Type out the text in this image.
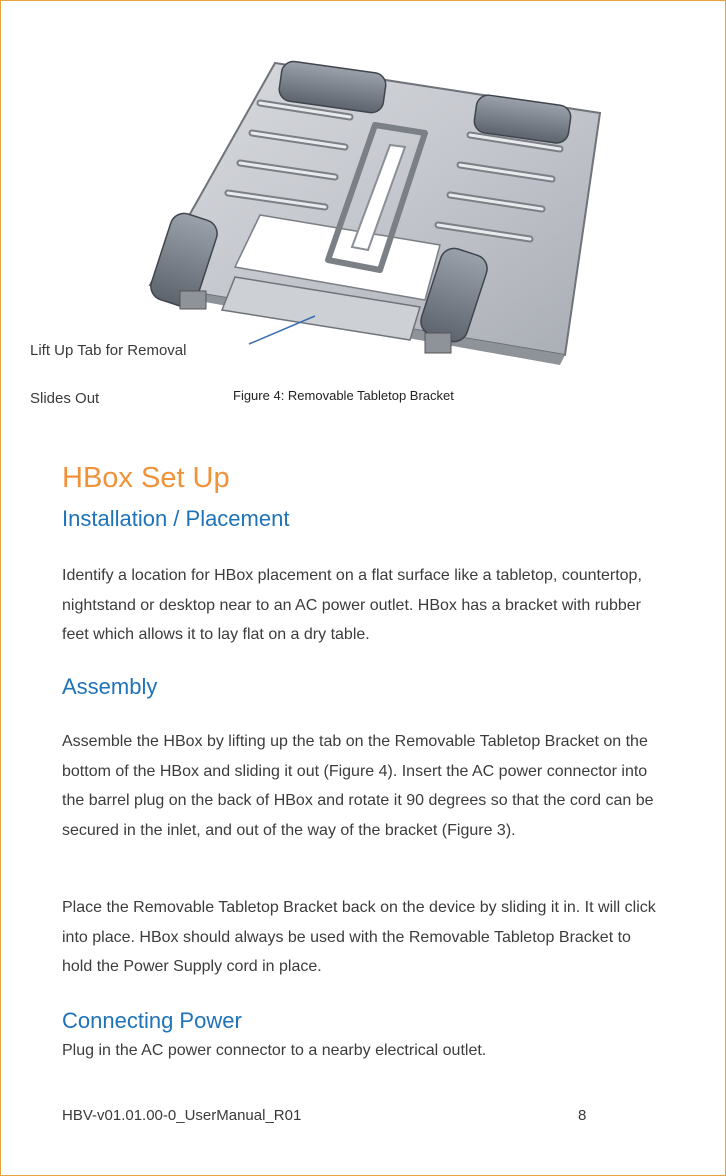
Lift Up Tab for Removal
Slides Out	Figure 4: Removable Tabletop Bracket
HBox Set Up
Installation / Placement
Identify a location for HBox placement on a flat surface like a tabletop, countertop, nightstand or desktop near to an AC power outlet. HBox has a bracket with rubber feet which allows it to lay flat on a dry table.
Assembly
Assemble the HBox by lifting up the tab on the Removable Tabletop Bracket on the bottom of the HBox and sliding it out (Figure 4). Insert the AC power connector into the barrel plug on the back of HBox and rotate it 90 degrees so that the cord can be secured in the inlet, and out of the way of the bracket (Figure 3).
Place the Removable Tabletop Bracket back on the device by sliding it in. It will click into place. HBox should always be used with the Removable Tabletop Bracket to hold the Power Supply cord in place.
Connecting Power
Plug in the AC power connector to a nearby electrical outlet.
HBV-v01.01.00-0_UserManual_R01	8
